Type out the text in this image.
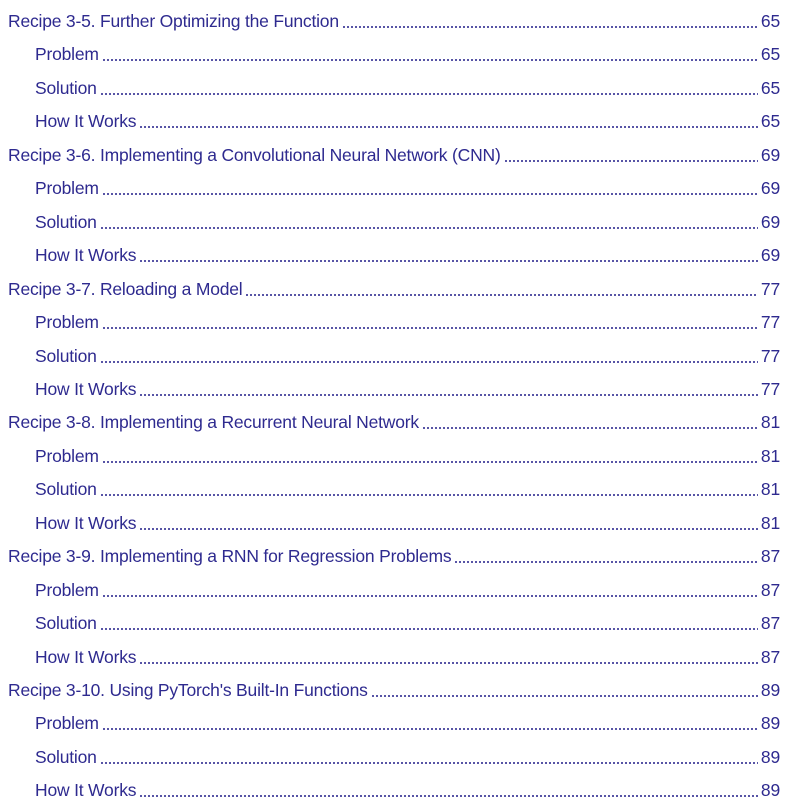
Recipe 3-5. Further Optimizing the Function	65
Problem	65
Solution	65
How It Works	65
Recipe 3-6. Implementing a Convolutional Neural Network (CNN)	69
Problem	69
Solution	69
How It Works	69
Recipe 3-7. Reloading a Model	77
Problem	77
Solution	77
How It Works	77
Recipe 3-8. Implementing a Recurrent Neural Network	81
Problem	81
Solution	81
How It Works	81
Recipe 3-9. Implementing a RNN for Regression Problems	87
Problem	87
Solution	87
How It Works	87
Recipe 3-10. Using PyTorch's Built-In Functions	89
Problem	89
Solution	89
How It Works	89
